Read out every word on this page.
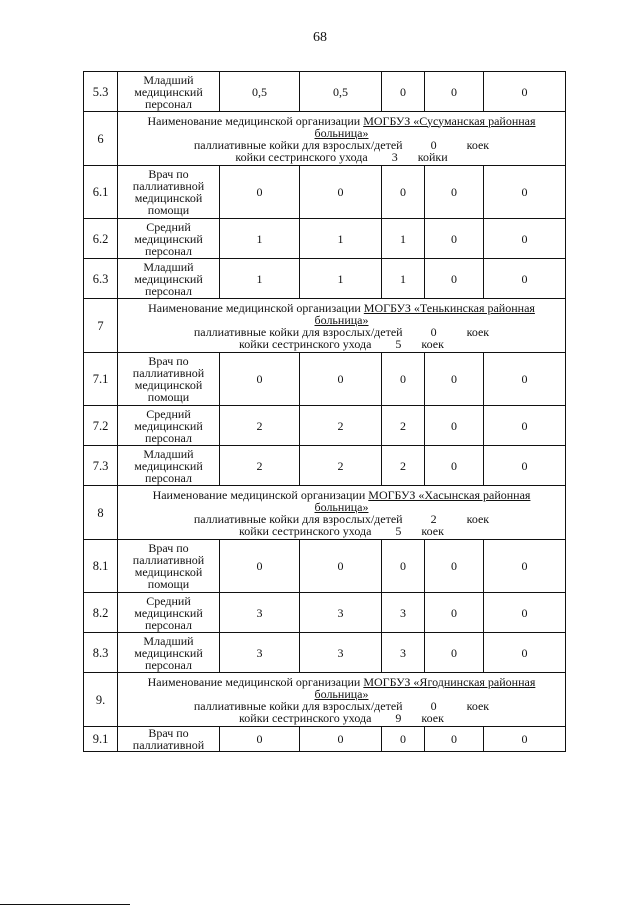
68
5.3	Младший
медицинский
персонал	0,5	0,5	0	0	0
6	Наименование медицинской организации МОГБУЗ «Сусуманская районная
больница»
паллиативные койки для взрослых/детей 0 коек
койки сестринского ухода 3 койки					

6.1	Врач по
паллиативной
медицинской
помощи	0	0	0	0	0
6.2	Средний
медицинский
персонал	1	1	1	0	0
6.3	Младший
медицинский
персонал	1	1	1	0	0
7	Наименование медицинской организации МОГБУЗ «Тенькинская районная
больница»
паллиативные койки для взрослых/детей 0 коек
койки сестринского ухода 5 коек					

7.1	Врач по
паллиативной
медицинской
помощи	0	0	0	0	0
7.2	Средний
медицинский
персонал	2	2	2	0	0
7.3	Младший
медицинский
персонал	2	2	2	0	0
8	Наименование медицинской организации МОГБУЗ «Хасынская районная
больница»
паллиативные койки для взрослых/детей 2 коек
койки сестринского ухода 5 коек					

8.1	Врач по
паллиативной
медицинской
помощи	0	0	0	0	0
8.2	Средний
медицинский
персонал	3	3	3	0	0
8.3	Младший
медицинский
персонал	3	3	3	0	0
9.	Наименование медицинской организации МОГБУЗ «Ягоднинская районная
больница»
паллиативные койки для взрослых/детей 0 коек
койки сестринского ухода 9 коек					

9.1	Врач по
паллиативной	0	0	0	0	0
